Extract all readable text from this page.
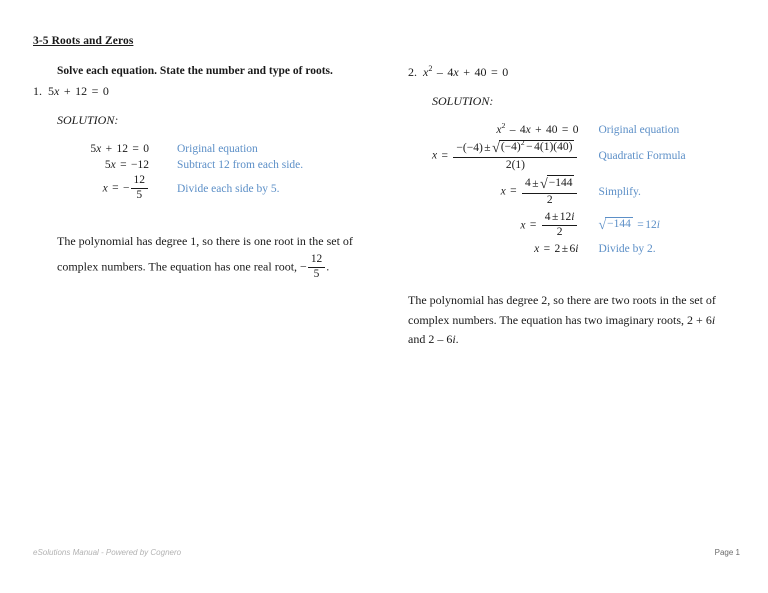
3-5 Roots and Zeros

Solve each equation. State the number and type of roots.

1. 5x + 12 = 0

SOLUTION:

5x + 12 = 0	Original equation
5x = −12	Subtract 12 from each side.
x = − $\frac{12}{5}$	Divide each side by 5.

The polynomial has degree 1, so there is one root in the set of complex numbers. The equation has one real root, − $\frac{12}{5}$ .

2. $x^2 - 4x + 40 = 0$

SOLUTION:

$x^2 - 4x + 40 = 0$	Original equation
$x = \frac{-(-4) \pm √(-4)^2 - 4(1)(40)}{2(1)}$	Quadratic Formula
$x = \frac{4 \pm √-144}{2}$	Simplify.
$x = \frac{4 \pm 12i}{2}$	√−144 = 12i
x = 2 ± 6i	Divide by 2.

The polynomial has degree 2, so there are two roots in the set of complex numbers. The equation has two imaginary roots, 2 + 6i and 2 – 6i.

eSolutions Manual - Powered by Cognero	Page 1
